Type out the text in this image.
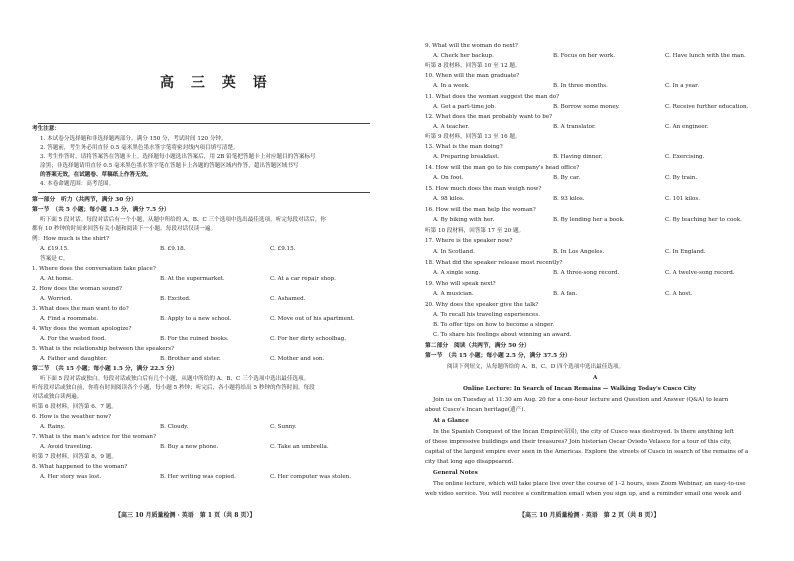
高 三 英 语
考生注意：
1. 本试卷分选择题和非选择题两部分。满分 150 分，考试时间 120 分钟。
2. 答题前，考生务必用直径 0.5 毫米黑色墨水签字笔将密封线内项目填写清楚。
3. 考生作答时，请将答案答在答题卡上。选择题每小题选出答案后，用 2B 铅笔把答题卡上对应题目的答案标号
涂黑；非选择题请用直径 0.5 毫米黑色墨水签字笔在答题卡上各题的答题区域内作答，超出答题区域书写
的答案无效，在试题卷、草稿纸上作答无效。
4. 本卷命题范围：高考范围。
第一部分　听力（共两节，满分 30 分）
第一节　（共 5 小题；每小题 1.5 分，满分 7.5 分）
听下面 5 段对话。每段对话后有一个小题，从题中所给的 A、B、C 三个选项中选出最佳选项。听完每段对话后，你
都有 10 秒钟的时间来回答有关小题和阅读下一小题。每段对话仅读一遍。
例：How much is the shirt?
A. £19.15.	B. £9.18.	C. £9.15.
答案是 C。
1. Where does the conversation take place?
A. At home.	B. At the supermarket.	C. At a car repair shop.
2. How does the woman sound?
A. Worried.	B. Excited.	C. Ashamed.
3. What does the man want to do?
A. Find a roommate.	B. Apply to a new school.	C. Move out of his apartment.
4. Why does the woman apologize?
A. For the wasted food.	B. For the ruined books.	C. For her dirty schoolbag.
5. What is the relationship between the speakers?
A. Father and daughter.	B. Brother and sister.	C. Mother and son.
第二节　（共 15 小题；每小题 1.5 分，满分 22.5 分）
听下面 5 段对话或独白。每段对话或独白后有几个小题，从题中所给的 A、B、C 三个选项中选出最佳选项。
听每段对话或独白前，你将有时间阅读各个小题，每小题 5 秒钟；听完后，各小题将给出 5 秒钟的作答时间。每段
对话或独白读两遍。
听第 6 段材料，回答第 6、7 题。
6. How is the weather now?
A. Rainy.	B. Cloudy.	C. Sunny.
7. What is the man's advice for the woman?
A. Avoid traveling.	B. Buy a new phone.	C. Take an umbrella.
听第 7 段材料，回答第 8、9 题。
8. What happened to the woman?
A. Her story was lost.	B. Her writing was copied.	C. Her computer was stolen.
【高三 10 月质量检测 · 英语　第 1 页（共 8 页）】
9. What will the woman do next?
A. Check her backup.	B. Focus on her work.	C. Have lunch with the man.
听第 8 段材料，回答第 10 至 12 题。
10. When will the man graduate?
A. In a week.	B. In three months.	C. In a year.
11. What does the woman suggest the man do?
A. Get a part-time job.	B. Borrow some money.	C. Receive further education.
12. What does the man probably want to be?
A. A teacher.	B. A translator.	C. An engineer.
听第 9 段材料，回答第 13 至 16 题。
13. What is the man doing?
A. Preparing breakfast.	B. Having dinner.	C. Exercising.
14. How will the man go to his company's head office?
A. On foot.	B. By car.	C. By train.
15. How much does the man weigh now?
A. 98 kilos.	B. 93 kilos.	C. 101 kilos.
16. How will the man help the woman?
A. By biking with her.	B. By lending her a book.	C. By teaching her to cook.
听第 10 段材料，回答第 17 至 20 题。
17. Where is the speaker now?
A. In Scotland.	B. In Los Angeles.	C. In England.
18. What did the speaker release most recently?
A. A single song.	B. A three-song record.	C. A twelve-song record.
19. Who will speak next?
A. A musician.	B. A fan.	C. A host.
20. Why does the speaker give the talk?
A. To recall his traveling experiences.
B. To offer tips on how to become a singer.
C. To share his feelings about winning an award.
第二部分　阅读（共两节，满分 50 分）
第一节　（共 15 小题；每小题 2.5 分，满分 37.5 分）
阅读下列短文，从每题所给的 A、B、C、D 四个选项中选出最佳选项。
A
Online Lecture: In Search of Incan Remains — Walking Today's Cusco City
Join us on Tuesday at 11:30 am Aug. 20 for a one-hour lecture and Question and Answer (Q&A) to learn
about Cusco's Incan heritage(遗产).
At a Glance
In the Spanish Conquest of the Incan Empire(帝国), the city of Cusco was destroyed. Is there anything left
of these impressive buildings and their treasures? Join historian Oscar Oviedo Velasco for a tour of this city,
capital of the largest empire ever seen in the Americas. Explore the streets of Cusco in search of the remains of a
city that long ago disappeared.
General Notes
The online lecture, which will take place live over the course of 1–2 hours, uses Zoom Webinar, an easy-to-use
web video service. You will receive a confirmation email when you sign up, and a reminder email one week and
【高三 10 月质量检测 · 英语　第 2 页（共 8 页）】
